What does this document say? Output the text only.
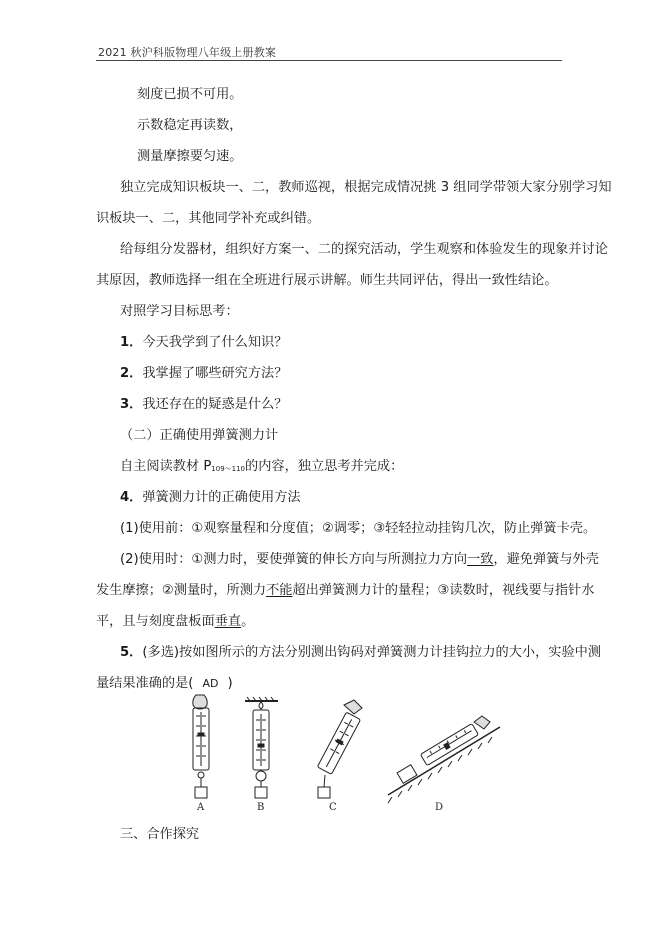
2021 秋沪科版物理八年级上册教案
刻度已损不可用。
示数稳定再读数，
测量摩擦要匀速。
独立完成知识板块一、二，教师巡视，根据完成情况挑 3 组同学带领大家分别学习知
识板块一、二，其他同学补充或纠错。
给每组分发器材，组织好方案一、二的探究活动，学生观察和体验发生的现象并讨论
其原因，教师选择一组在全班进行展示讲解。师生共同评估，得出一致性结论。
对照学习目标思考：
1．今天我学到了什么知识？
2．我掌握了哪些研究方法？
3．我还存在的疑惑是什么？
（二）正确使用弹簧测力计
自主阅读教材 P109～110的内容，独立思考并完成：
4．弹簧测力计的正确使用方法
(1)使用前：①观察量程和分度值；②调零；③轻轻拉动挂钩几次，防止弹簧卡壳。
(2)使用时：①测力时，要使弹簧的伸长方向与所测拉力方向一致，避免弹簧与外壳
发生摩擦；②测量时，所测力不能超出弹簧测力计的量程；③读数时，视线要与指针水
平，且与刻度盘板面垂直。
5．(多选)按如图所示的方法分别测出钩码对弹簧测力计挂钩拉力的大小，实验中测
量结果准确的是( AD )
A	B	C	D
三、合作探究
